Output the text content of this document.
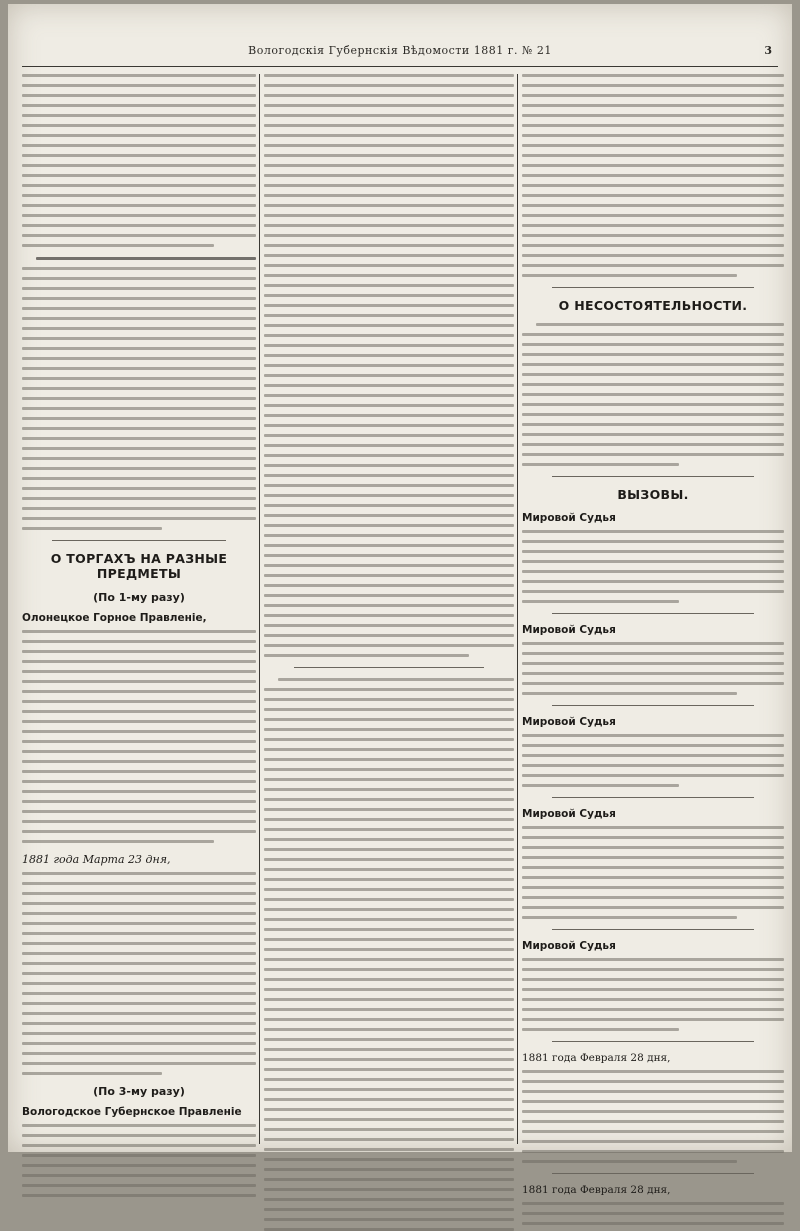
Вологодскія Губернскія Вѣдомости 1881 г. № 21	3
О ТОРГАХЪ НА РАЗНЫЕ ПРЕДМЕТЫ
(По 1-му разу)
Олонецкое Горное Правленіе,
1881 года Марта 23 дня,
(По 3-му разу)
Вологодское Губернское Правленіе
О НЕСОСТОЯТЕЛЬНОСТИ.
ВЫЗОВЫ.
Мировой Судья
Мировой Судья
Мировой Судья
Мировой Судья
Мировой Судья
1881 года Февраля 28 дня,
1881 года Февраля 28 дня,
